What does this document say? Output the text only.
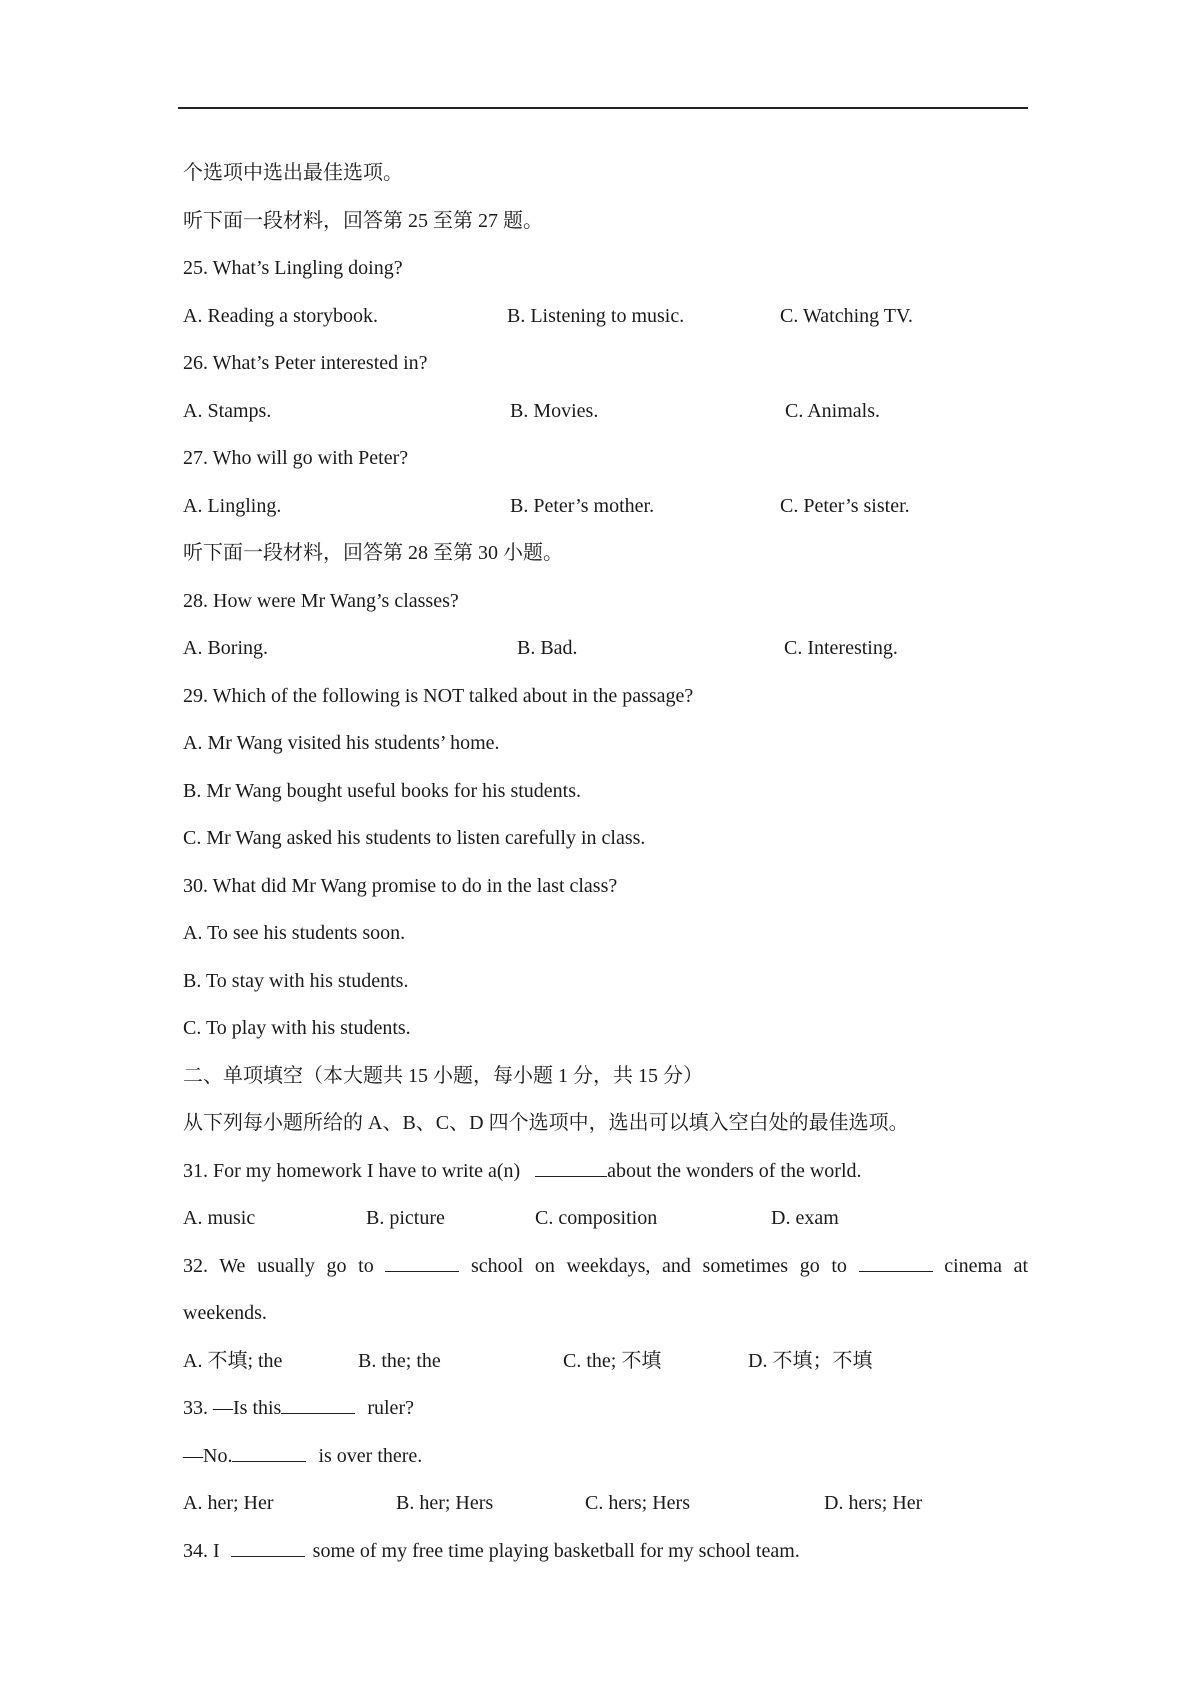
个选项中选出最佳选项。
听下面一段材料，回答第 25 至第 27 题。
25. What’s Lingling doing?
A. Reading a storybook.	B. Listening to music.	C. Watching TV.
26. What’s Peter interested in?
A. Stamps.	B. Movies.	C. Animals.
27. Who will go with Peter?
A. Lingling.	B. Peter’s mother.	C. Peter’s sister.
听下面一段材料，回答第 28 至第 30 小题。
28. How were Mr Wang’s classes?
A. Boring.	B. Bad.	C. Interesting.
29. Which of the following is NOT talked about in the passage?
A. Mr Wang visited his students’ home.
B. Mr Wang bought useful books for his students.
C. Mr Wang asked his students to listen carefully in class.
30. What did Mr Wang promise to do in the last class?
A. To see his students soon.
B. To stay with his students.
C. To play with his students.
二、单项填空（本大题共 15 小题，每小题 1 分，共 15 分）
从下列每小题所给的 A、B、C、D 四个选项中，选出可以填入空白处的最佳选项。
31. For my homework I have to write a(n)	about the wonders of the world.
A. music	B. picture	C. composition	D. exam
32. We usually go to	school on weekdays, and sometimes go to	cinema at
weekends.
A. 不填; the	B. the; the	C. the; 不填	D. 不填；不填
33. —Is this	ruler?
—No.	is over there.
A. her; Her	B. her; Hers	C. hers; Hers	D. hers; Her
34. I	some of my free time playing basketball for my school team.
